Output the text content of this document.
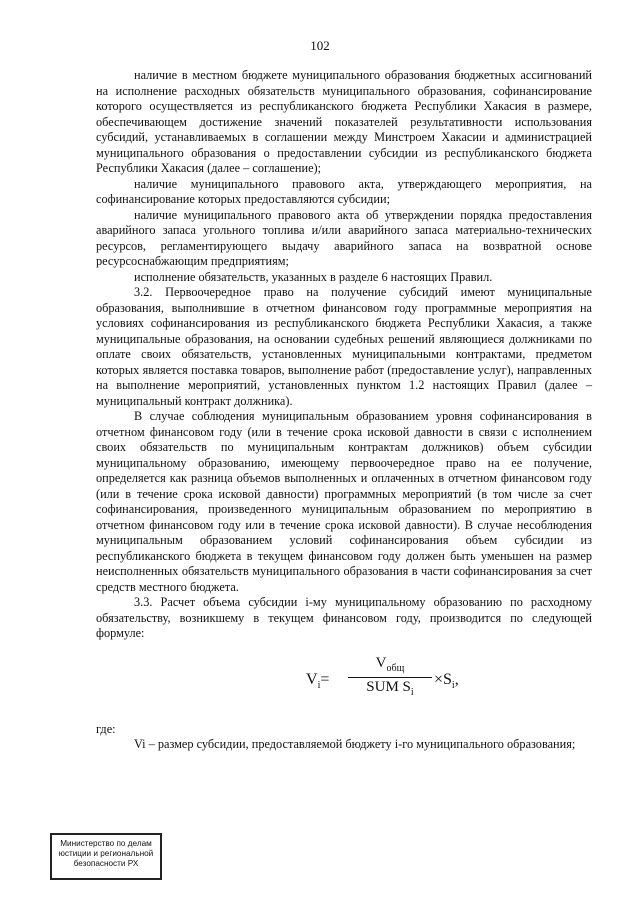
102

наличие в местном бюджете муниципального образования бюджетных ассигнований на исполнение расходных обязательств муниципального образования, софинансирование которого осуществляется из республиканского бюджета Республики Хакасия в размере, обеспечивающем достижение значений показателей результативности использования субсидий, устанавливаемых в соглашении между Минстроем Хакасии и администрацией муниципального образования о предоставлении субсидии из республиканского бюджета Республики Хакасия (далее – соглашение);

наличие муниципального правового акта, утверждающего мероприятия, на софинансирование которых предоставляются субсидии;

наличие муниципального правового акта об утверждении порядка предоставления аварийного запаса угольного топлива и/или аварийного запаса материально-технических ресурсов, регламентирующего выдачу аварийного запаса на возвратной основе ресурсоснабжающим предприятиям;

исполнение обязательств, указанных в разделе 6 настоящих Правил.

3.2. Первоочередное право на получение субсидий имеют муниципальные образования, выполнившие в отчетном финансовом году программные мероприятия на условиях софинансирования из республиканского бюджета Республики Хакасия, а также муниципальные образования, на основании судебных решений являющиеся должниками по оплате своих обязательств, установленных муниципальными контрактами, предметом которых является поставка товаров, выполнение работ (предоставление услуг), направленных на выполнение мероприятий, установленных пунктом 1.2 настоящих Правил (далее – муниципальный контракт должника).

В случае соблюдения муниципальным образованием уровня софинансирования в отчетном финансовом году (или в течение срока исковой давности в связи с исполнением своих обязательств по муниципальным контрактам должников) объем субсидии муниципальному образованию, имеющему первоочередное право на ее получение, определяется как разница объемов выполненных и оплаченных в отчетном финансовом году (или в течение срока исковой давности) программных мероприятий (в том числе за счет софинансирования, произведенного муниципальным образованием по мероприятию в отчетном финансовом году или в течение срока исковой давности). В случае несоблюдения муниципальным образованием условий софинансирования объем субсидии из республиканского бюджета в текущем финансовом году должен быть уменьшен на размер неисполненных обязательств муниципального образования в части софинансирования за счет средств местного бюджета.

3.3. Расчет объема субсидии i-му муниципальному образованию по расходному обязательству, возникшему в текущем финансовом году, производится по следующей формуле:

$V_i=$
$V_{общ}$
SUM $S_i$
$\times S_i$,

где:

Vi – размер субсидии, предоставляемой бюджету i-го муниципального образования;

Министерство по делам
юстиции и региональной
безопасности РХ
